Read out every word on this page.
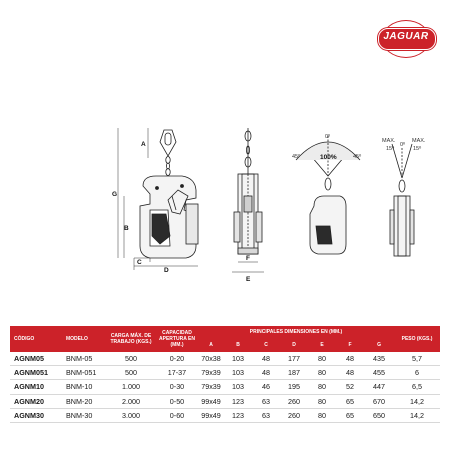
JAGUAR
A
B
C
D
G
F
E
45º
0º
45º
100%
MAX.	MAX.
15º
0º
15º
CÓDIGO	MODELO	CARGA MÁX. DE TRABAJO (KGS.)	CAPACIDAD APERTURA EN (MM.)	PRINCIPALES DIMENSIONES EN (MM.)							PESO (KGS.)
				A	B	C	D	E	F	G	
AGNM05	BNM-05	500	0-20	70x38	103	48	177	80	48	435	5,7
AGNM051	BNM-051	500	17-37	79x39	103	48	187	80	48	455	6
AGNM10	BNM-10	1.000	0-30	79x39	103	46	195	80	52	447	6,5
AGNM20	BNM-20	2.000	0-50	99x49	123	63	260	80	65	670	14,2
AGNM30	BNM-30	3.000	0-60	99x49	123	63	260	80	65	650	14,2
